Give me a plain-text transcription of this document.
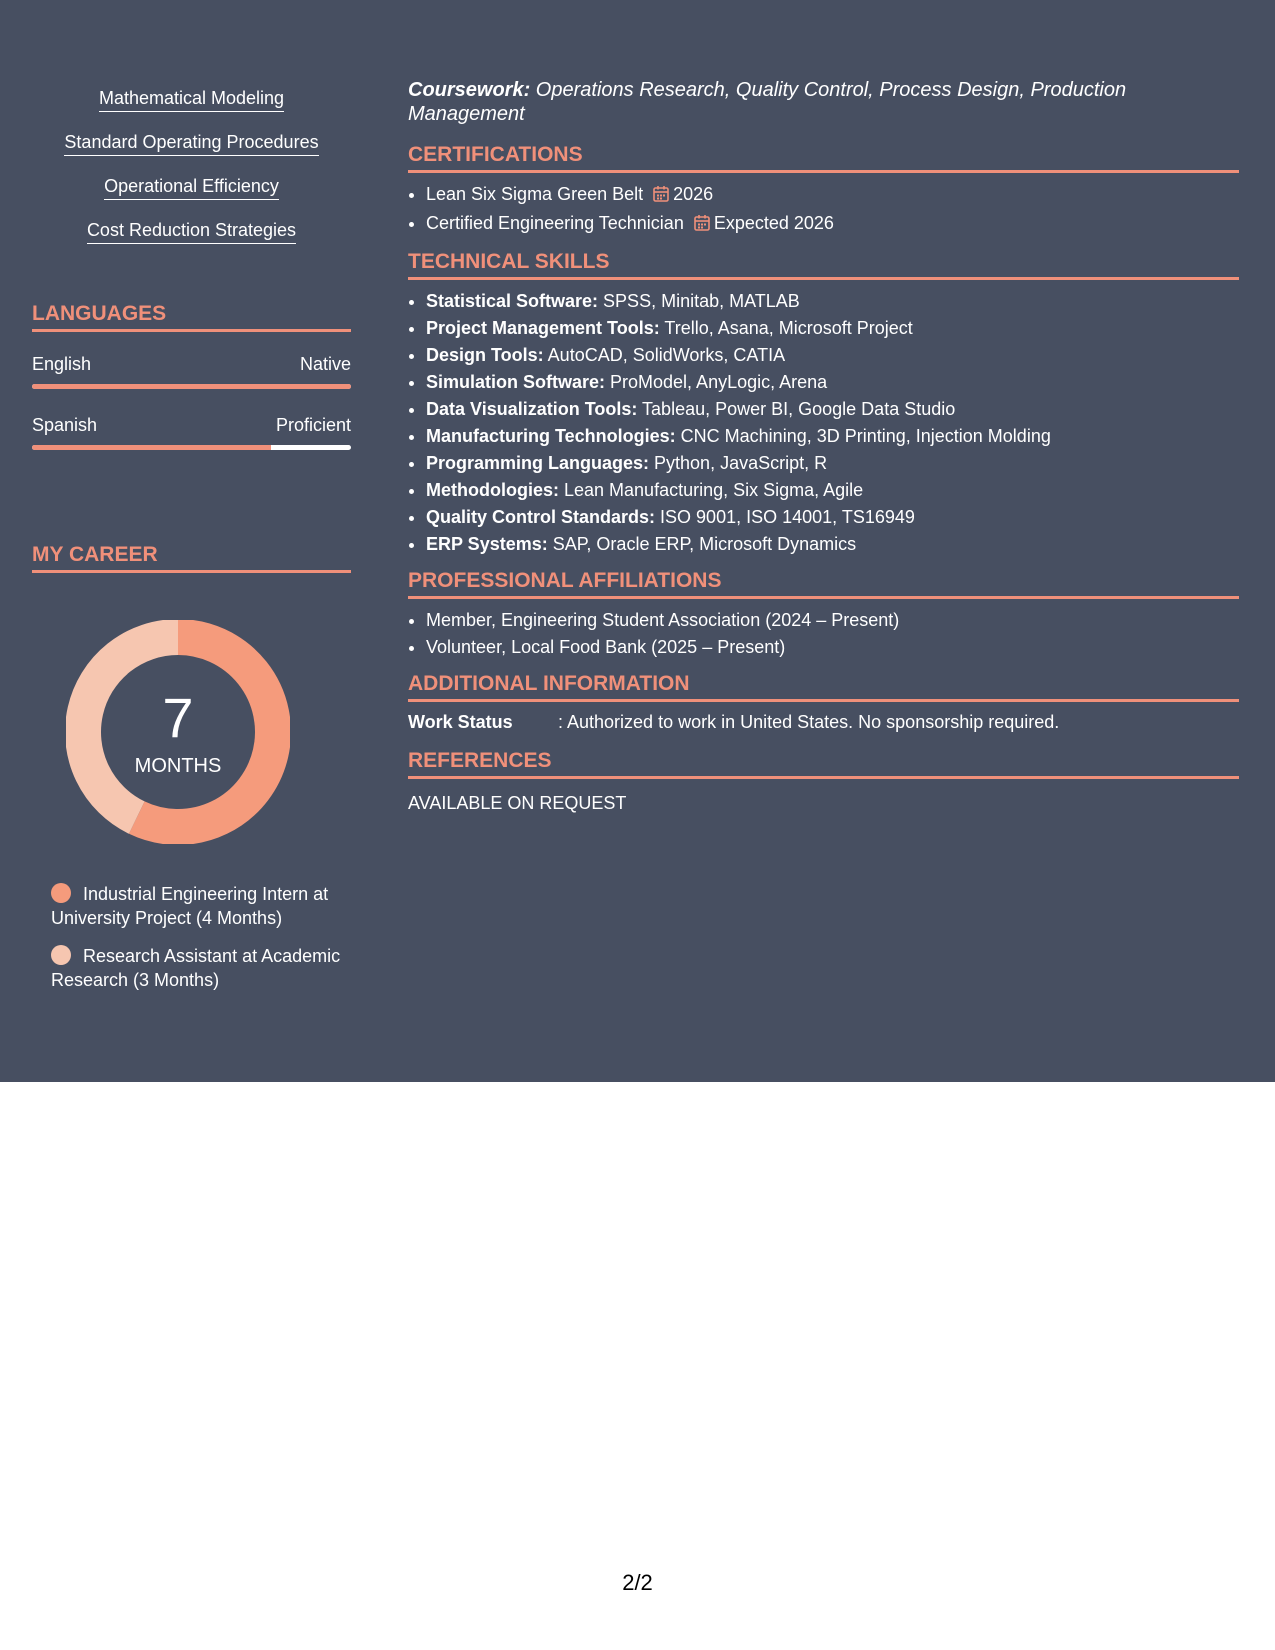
Mathematical Modeling
Standard Operating Procedures
Operational Efficiency
Cost Reduction Strategies
LANGUAGES
English	Native
Spanish	Proficient
MY CAREER
7
MONTHS
Industrial Engineering Intern at University Project (4 Months)
Research Assistant at Academic Research (3 Months)

Coursework: Operations Research, Quality Control, Process Design, Production Management

CERTIFICATIONS
• Lean Six Sigma Green Belt 2026
• Certified Engineering Technician Expected 2026
TECHNICAL SKILLS
• Statistical Software: SPSS, Minitab, MATLAB
• Project Management Tools: Trello, Asana, Microsoft Project
• Design Tools: AutoCAD, SolidWorks, CATIA
• Simulation Software: ProModel, AnyLogic, Arena
• Data Visualization Tools: Tableau, Power BI, Google Data Studio
• Manufacturing Technologies: CNC Machining, 3D Printing, Injection Molding
• Programming Languages: Python, JavaScript, R
• Methodologies: Lean Manufacturing, Six Sigma, Agile
• Quality Control Standards: ISO 9001, ISO 14001, TS16949
• ERP Systems: SAP, Oracle ERP, Microsoft Dynamics
PROFESSIONAL AFFILIATIONS
• Member, Engineering Student Association (2024 – Present)
• Volunteer, Local Food Bank (2025 – Present)
ADDITIONAL INFORMATION
Work Status	: Authorized to work in United States. No sponsorship required.
REFERENCES
AVAILABLE ON REQUEST
2/2
